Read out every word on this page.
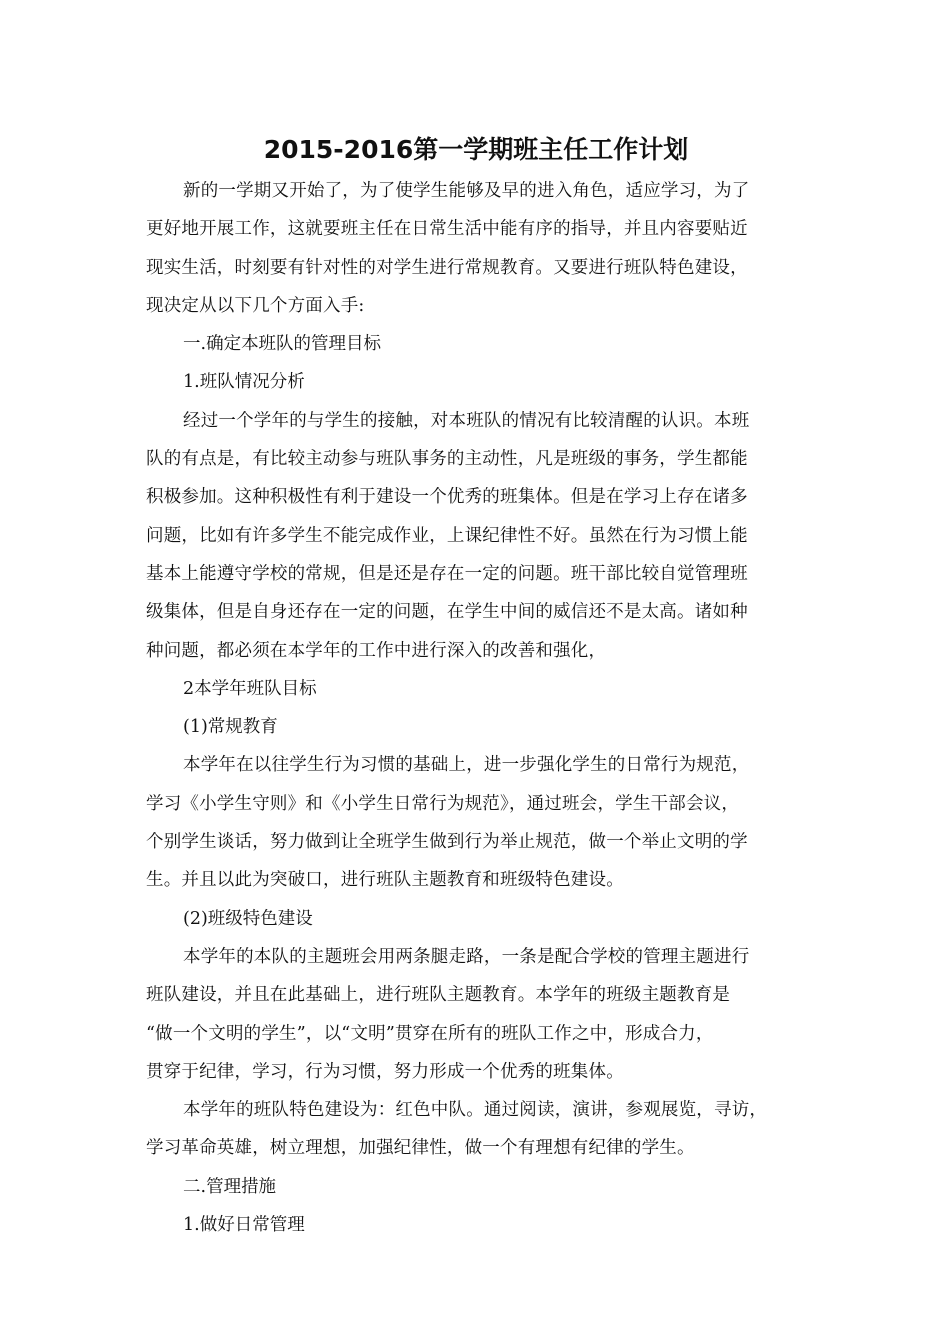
2015-2016第一学期班主任工作计划

新的一学期又开始了，为了使学生能够及早的进入角色，适应学习，为了
更好地开展工作，这就要班主任在日常生活中能有序的指导，并且内容要贴近
现实生活，时刻要有针对性的对学生进行常规教育。又要进行班队特色建设，
现决定从以下几个方面入手:

一.确定本班队的管理目标
1.班队情况分析

经过一个学年的与学生的接触，对本班队的情况有比较清醒的认识。本班
队的有点是，有比较主动参与班队事务的主动性，凡是班级的事务，学生都能
积极参加。这种积极性有利于建设一个优秀的班集体。但是在学习上存在诸多
问题，比如有许多学生不能完成作业，上课纪律性不好。虽然在行为习惯上能
基本上能遵守学校的常规，但是还是存在一定的问题。班干部比较自觉管理班
级集体，但是自身还存在一定的问题，在学生中间的威信还不是太高。诸如种
种问题，都必须在本学年的工作中进行深入的改善和强化，

2本学年班队目标
(1)常规教育

本学年在以往学生行为习惯的基础上，进一步强化学生的日常行为规范，
学习《小学生守则》和《小学生日常行为规范》，通过班会，学生干部会议，
个别学生谈话，努力做到让全班学生做到行为举止规范，做一个举止文明的学
生。并且以此为突破口，进行班队主题教育和班级特色建设。

(2)班级特色建设

本学年的本队的主题班会用两条腿走路，一条是配合学校的管理主题进行
班队建设，并且在此基础上，进行班队主题教育。本学年的班级主题教育是
“做一个文明的学生”，以“文明”贯穿在所有的班队工作之中，形成合力，
贯穿于纪律，学习，行为习惯，努力形成一个优秀的班集体。

本学年的班队特色建设为：红色中队。通过阅读，演讲，参观展览，寻访，
学习革命英雄，树立理想，加强纪律性，做一个有理想有纪律的学生。

二.管理措施
1.做好日常管理
